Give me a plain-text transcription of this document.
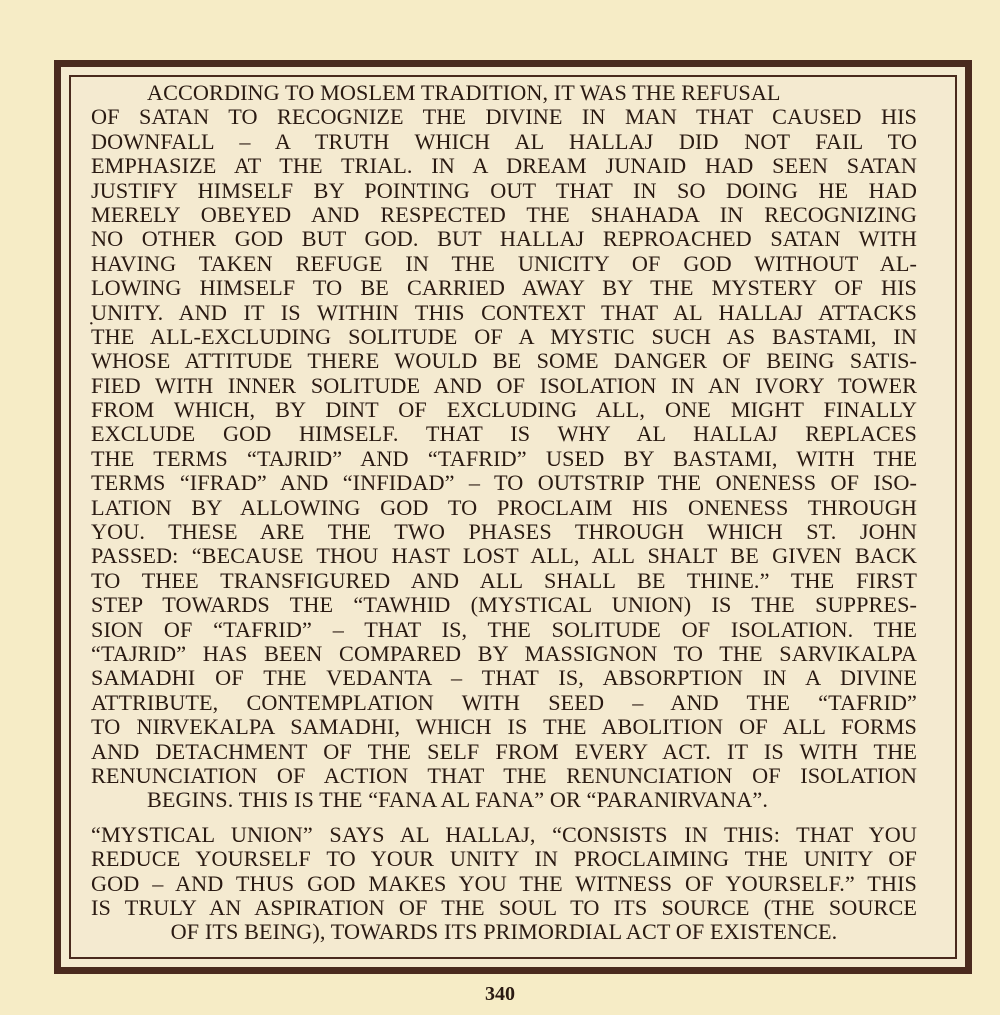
ACCORDING TO MOSLEM TRADITION, IT WAS THE REFUSAL
OF SATAN TO RECOGNIZE THE DIVINE IN MAN THAT CAUSED HIS
DOWNFALL – A TRUTH WHICH AL HALLAJ DID NOT FAIL TO
EMPHASIZE AT THE TRIAL. IN A DREAM JUNAID HAD SEEN SATAN
JUSTIFY HIMSELF BY POINTING OUT THAT IN SO DOING HE HAD
MERELY OBEYED AND RESPECTED THE SHAHADA IN RECOGNIZING
NO OTHER GOD BUT GOD. BUT HALLAJ REPROACHED SATAN WITH
HAVING TAKEN REFUGE IN THE UNICITY OF GOD WITHOUT AL-
LOWING HIMSELF TO BE CARRIED AWAY BY THE MYSTERY OF HIS
UNITY. AND IT IS WITHIN THIS CONTEXT THAT AL HALLAJ ATTACKS
THE ALL-EXCLUDING SOLITUDE OF A MYSTIC SUCH AS BASTAMI, IN
WHOSE ATTITUDE THERE WOULD BE SOME DANGER OF BEING SATIS-
FIED WITH INNER SOLITUDE AND OF ISOLATION IN AN IVORY TOWER
FROM WHICH, BY DINT OF EXCLUDING ALL, ONE MIGHT FINALLY
EXCLUDE GOD HIMSELF. THAT IS WHY AL HALLAJ REPLACES
THE TERMS “TAJRID” AND “TAFRID” USED BY BASTAMI, WITH THE
TERMS “IFRAD” AND “INFIDAD” – TO OUTSTRIP THE ONENESS OF ISO-
LATION BY ALLOWING GOD TO PROCLAIM HIS ONENESS THROUGH
YOU. THESE ARE THE TWO PHASES THROUGH WHICH ST. JOHN
PASSED: “BECAUSE THOU HAST LOST ALL, ALL SHALT BE GIVEN BACK
TO THEE TRANSFIGURED AND ALL SHALL BE THINE.” THE FIRST
STEP TOWARDS THE “TAWHID (MYSTICAL UNION) IS THE SUPPRES-
SION OF “TAFRID” – THAT IS, THE SOLITUDE OF ISOLATION. THE
“TAJRID” HAS BEEN COMPARED BY MASSIGNON TO THE SARVIKALPA
SAMADHI OF THE VEDANTA – THAT IS, ABSORPTION IN A DIVINE
ATTRIBUTE, CONTEMPLATION WITH SEED – AND THE “TAFRID”
TO NIRVEKALPA SAMADHI, WHICH IS THE ABOLITION OF ALL FORMS
AND DETACHMENT OF THE SELF FROM EVERY ACT. IT IS WITH THE
RENUNCIATION OF ACTION THAT THE RENUNCIATION OF ISOLATION
BEGINS. THIS IS THE “FANA AL FANA” OR “PARANIRVANA”.
“MYSTICAL UNION” SAYS AL HALLAJ, “CONSISTS IN THIS: THAT YOU
REDUCE YOURSELF TO YOUR UNITY IN PROCLAIMING THE UNITY OF
GOD – AND THUS GOD MAKES YOU THE WITNESS OF YOURSELF.” THIS
IS TRULY AN ASPIRATION OF THE SOUL TO ITS SOURCE (THE SOURCE
OF ITS BEING), TOWARDS ITS PRIMORDIAL ACT OF EXISTENCE.
·
340
